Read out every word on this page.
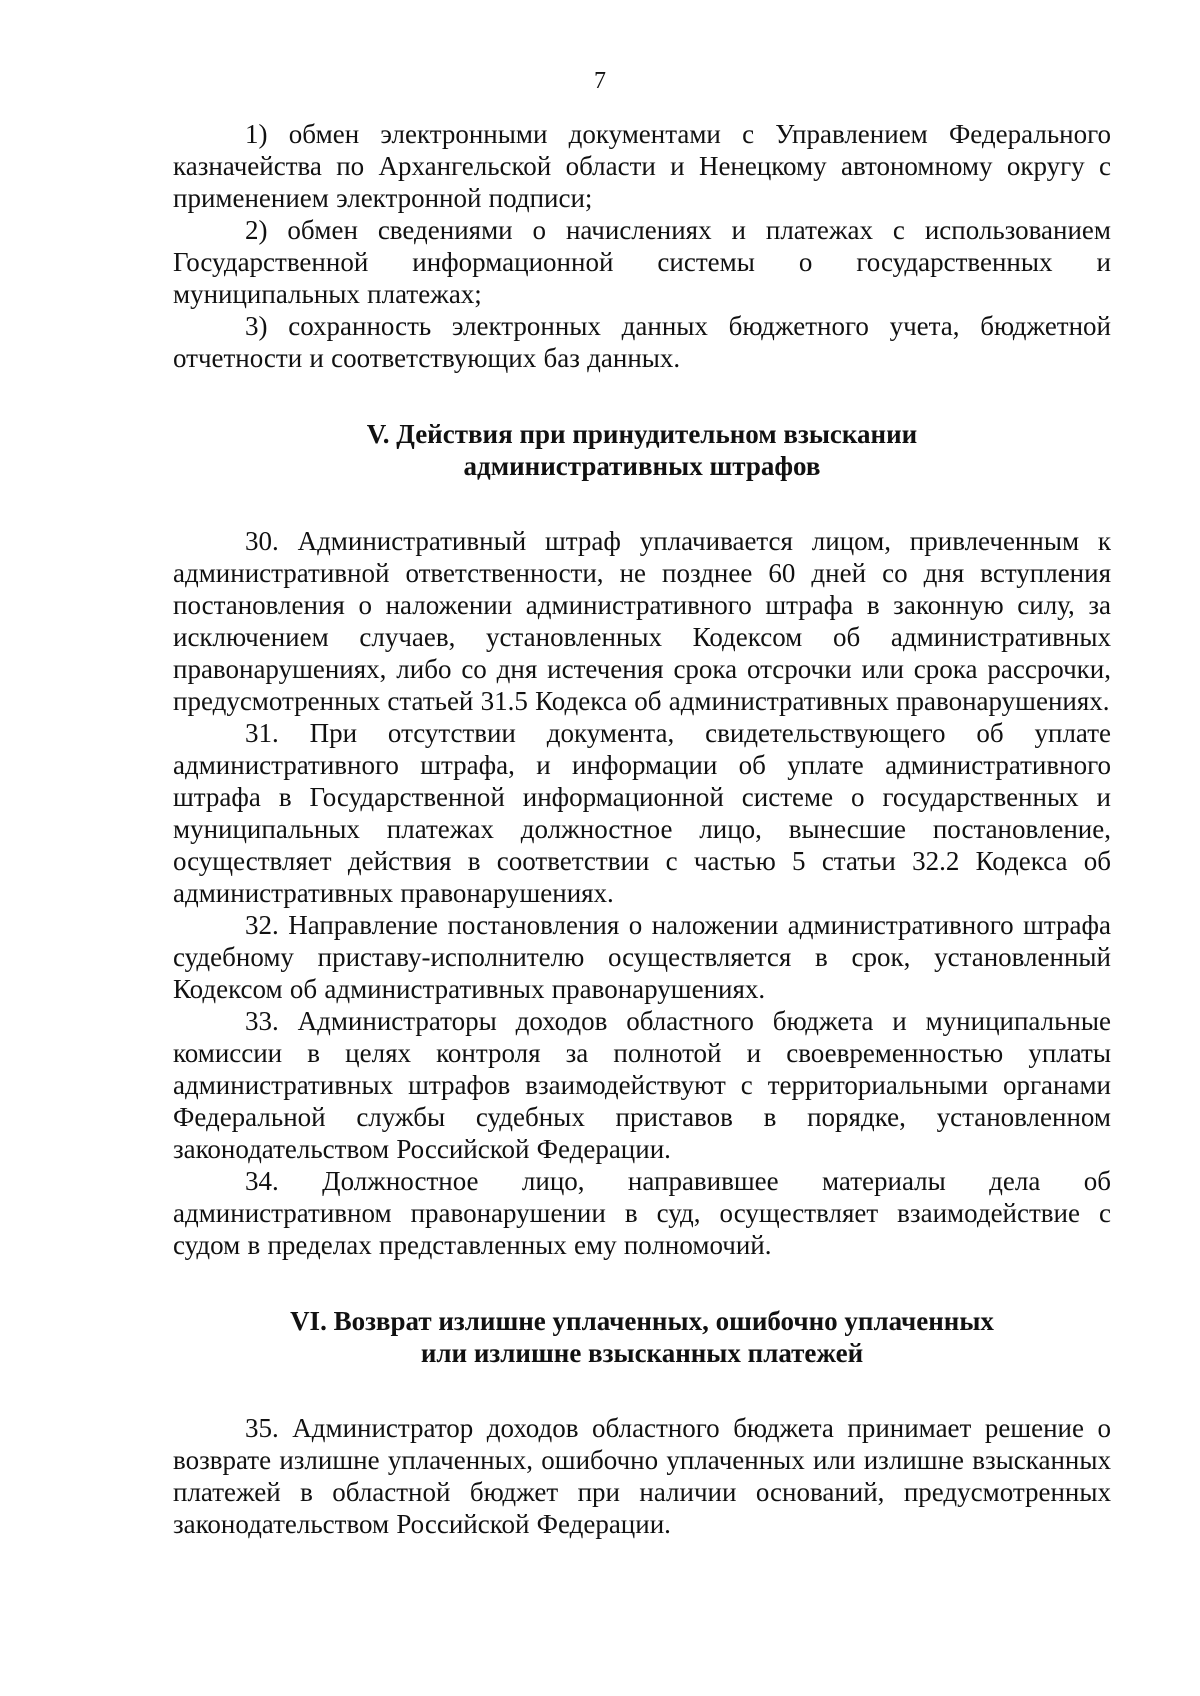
7

1) обмен электронными документами с Управлением Федерального казначейства по Архангельской области и Ненецкому автономному округу с применением электронной подписи;

2) обмен сведениями о начислениях и платежах с использованием Государственной информационной системы о государственных и муниципальных платежах;

3) сохранность электронных данных бюджетного учета, бюджетной отчетности и соответствующих баз данных.

V. Действия при принудительном взыскании
административных штрафов

30. Административный штраф уплачивается лицом, привлеченным к административной ответственности, не позднее 60 дней со дня вступления постановления о наложении административного штрафа в законную силу, за исключением случаев, установленных Кодексом об административных правонарушениях, либо со дня истечения срока отсрочки или срока рассрочки, предусмотренных статьей 31.5 Кодекса об административных правонарушениях.

31. При отсутствии документа, свидетельствующего об уплате административного штрафа, и информации об уплате административного штрафа в Государственной информационной системе о государственных и муниципальных платежах должностное лицо, вынесшие постановление, осуществляет действия в соответствии с частью 5 статьи 32.2 Кодекса об административных правонарушениях.

32. Направление постановления о наложении административного штрафа судебному приставу-исполнителю осуществляется в срок, установленный Кодексом об административных правонарушениях.

33. Администраторы доходов областного бюджета и муниципальные комиссии в целях контроля за полнотой и своевременностью уплаты административных штрафов взаимодействуют с территориальными органами Федеральной службы судебных приставов в порядке, установленном законодательством Российской Федерации.

34. Должностное лицо, направившее материалы дела об административном правонарушении в суд, осуществляет взаимодействие с судом в пределах представленных ему полномочий.

VI. Возврат излишне уплаченных, ошибочно уплаченных
или излишне взысканных платежей

35. Администратор доходов областного бюджета принимает решение о возврате излишне уплаченных, ошибочно уплаченных или излишне взысканных платежей в областной бюджет при наличии оснований, предусмотренных законодательством Российской Федерации.
